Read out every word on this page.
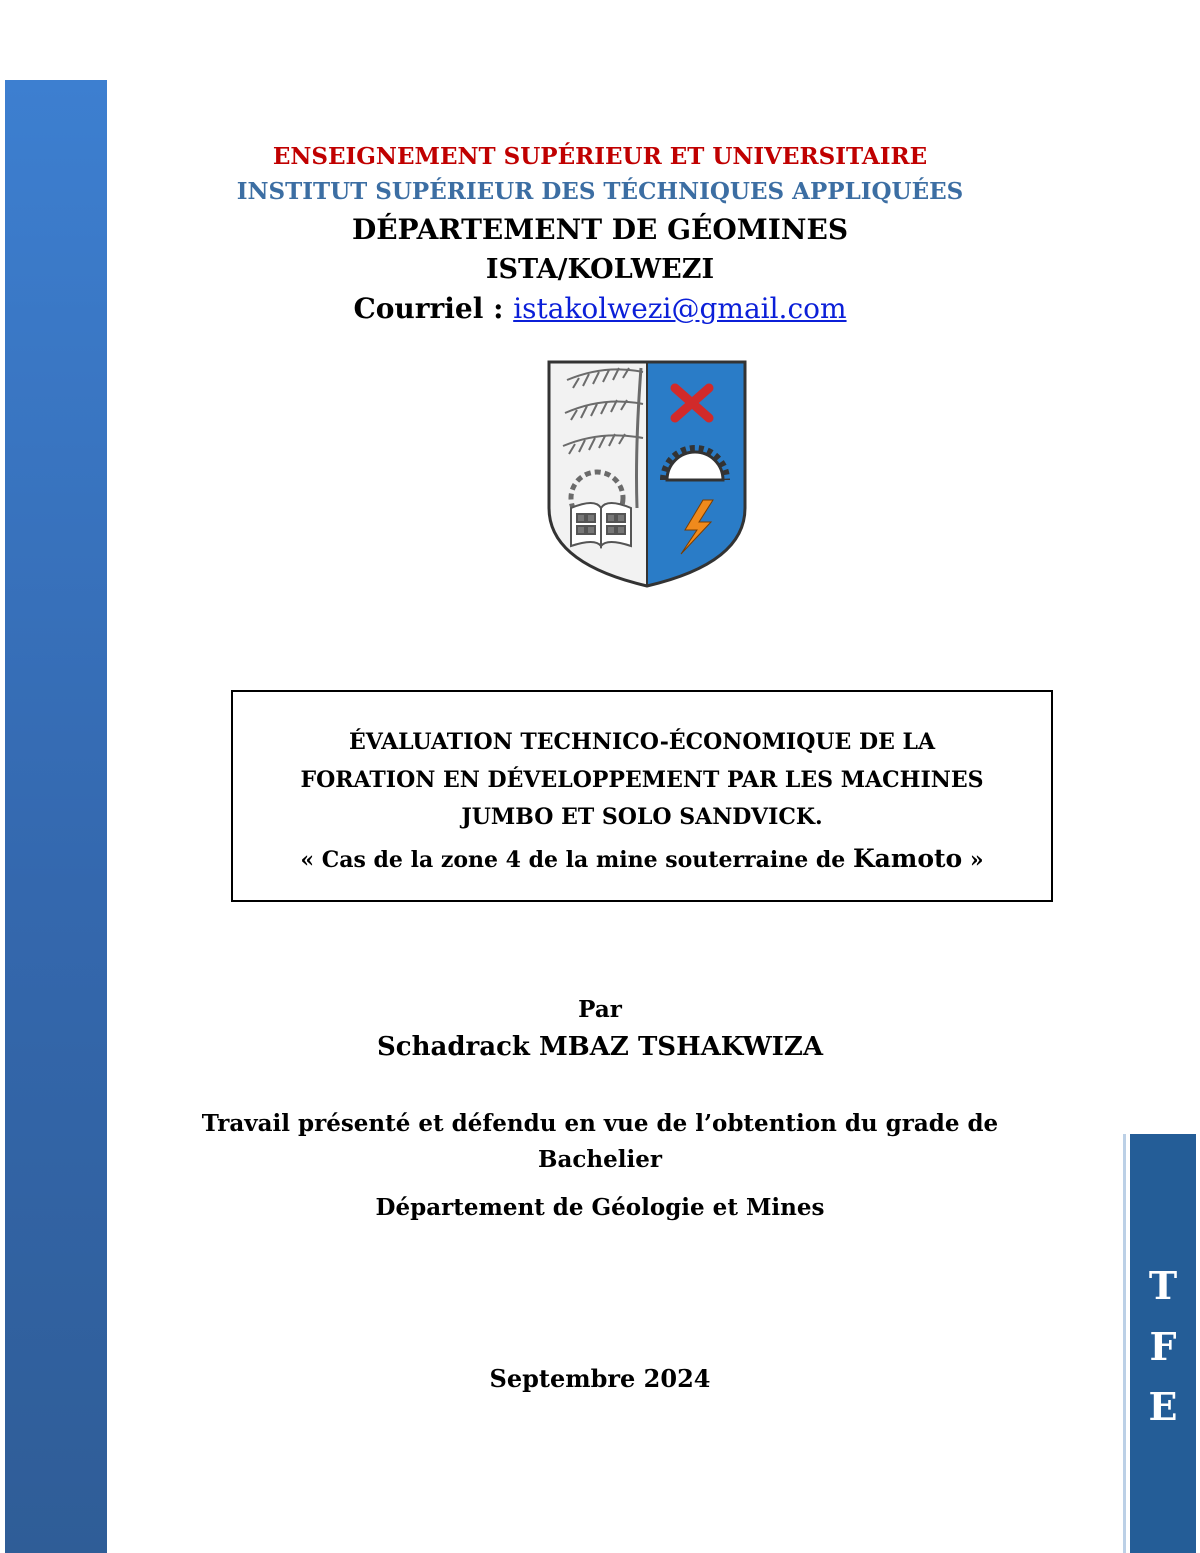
T
F
E
ENSEIGNEMENT SUPÉRIEUR ET UNIVERSITAIRE
INSTITUT SUPÉRIEUR DES TÉCHNIQUES APPLIQUÉES
DÉPARTEMENT DE GÉOMINES
ISTA/KOLWEZI
Courriel : istakolwezi@gmail.com
ÉVALUATION TECHNICO-ÉCONOMIQUE DE LA
FORATION EN DÉVELOPPEMENT PAR LES MACHINES
JUMBO ET SOLO SANDVICK.
« Cas de la zone 4 de la mine souterraine de Kamoto »
Par
Schadrack MBAZ TSHAKWIZA
Travail présenté et défendu en vue de l’obtention du grade de
Bachelier
Département de Géologie et Mines
Septembre 2024
